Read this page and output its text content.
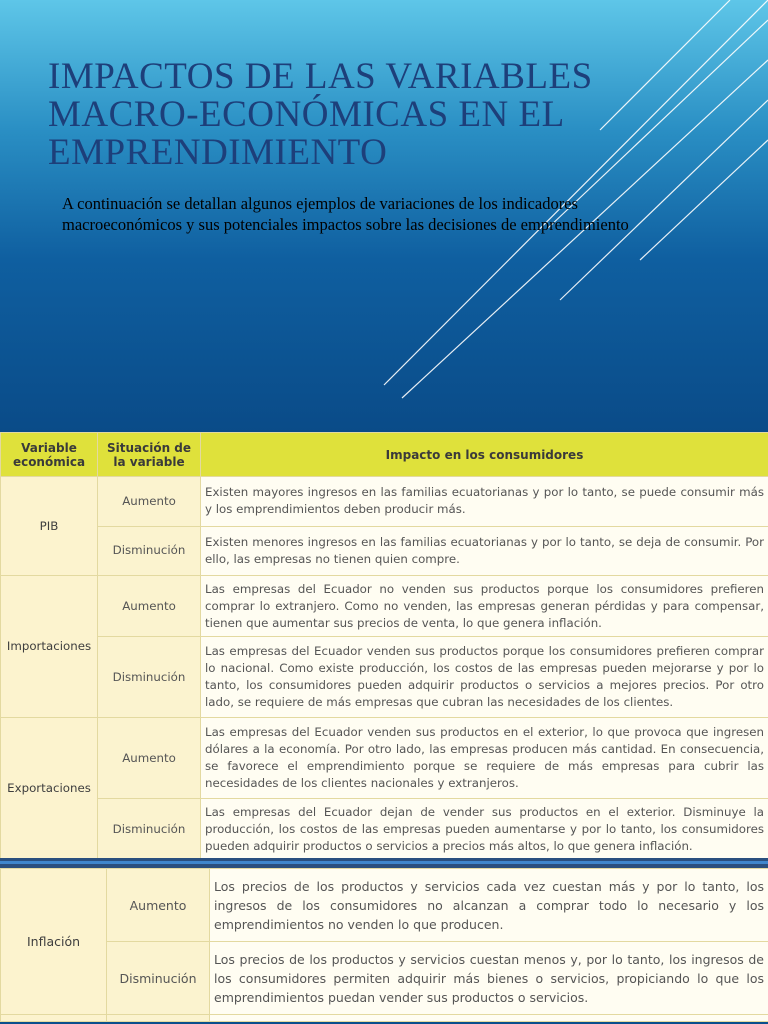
IMPACTOS DE LAS VARIABLES MACRO-ECONÓMICAS EN EL EMPRENDIMIENTO

A continuación se detallan algunos ejemplos de variaciones de los indicadores macroeconómicos y sus potenciales impactos sobre las decisiones de emprendimiento

Variable económica	Situación de la variable	Impacto en los consumidores
PIB	Aumento	Existen mayores ingresos en las familias ecuatorianas y por lo tanto, se puede consumir más y los emprendimientos deben producir más.
	Disminución	Existen menores ingresos en las familias ecuatorianas y por lo tanto, se deja de consumir. Por ello, las empresas no tienen quien compre.
Importaciones	Aumento	Las empresas del Ecuador no venden sus productos porque los consumidores prefieren comprar lo extranjero. Como no venden, las empresas generan pérdidas y para compensar, tienen que aumentar sus precios de venta, lo que genera inflación.
	Disminución	Las empresas del Ecuador venden sus productos porque los consumidores prefieren comprar lo nacional. Como existe producción, los costos de las empresas pueden mejorarse y por lo tanto, los consumidores pueden adquirir productos o servicios a mejores precios. Por otro lado, se requiere de más empresas que cubran las necesidades de los clientes.
Exportaciones	Aumento	Las empresas del Ecuador venden sus productos en el exterior, lo que provoca que ingresen dólares a la economía. Por otro lado, las empresas producen más cantidad. En consecuencia, se favorece el emprendimiento porque se requiere de más empresas para cubrir las necesidades de los clientes nacionales y extranjeros.
	Disminución	Las empresas del Ecuador dejan de vender sus productos en el exterior. Disminuye la producción, los costos de las empresas pueden aumentarse y por lo tanto, los consumidores pueden adquirir productos o servicios a precios más altos, lo que genera inflación.
Inflación	Aumento	Los precios de los productos y servicios cada vez cuestan más y por lo tanto, los ingresos de los consumidores no alcanzan a comprar todo lo necesario y los emprendimientos no venden lo que producen.
	Disminución	Los precios de los productos y servicios cuestan menos y, por lo tanto, los ingresos de los consumidores permiten adquirir más bienes o servicios, propiciando lo que los emprendimientos puedan vender sus productos o servicios.
